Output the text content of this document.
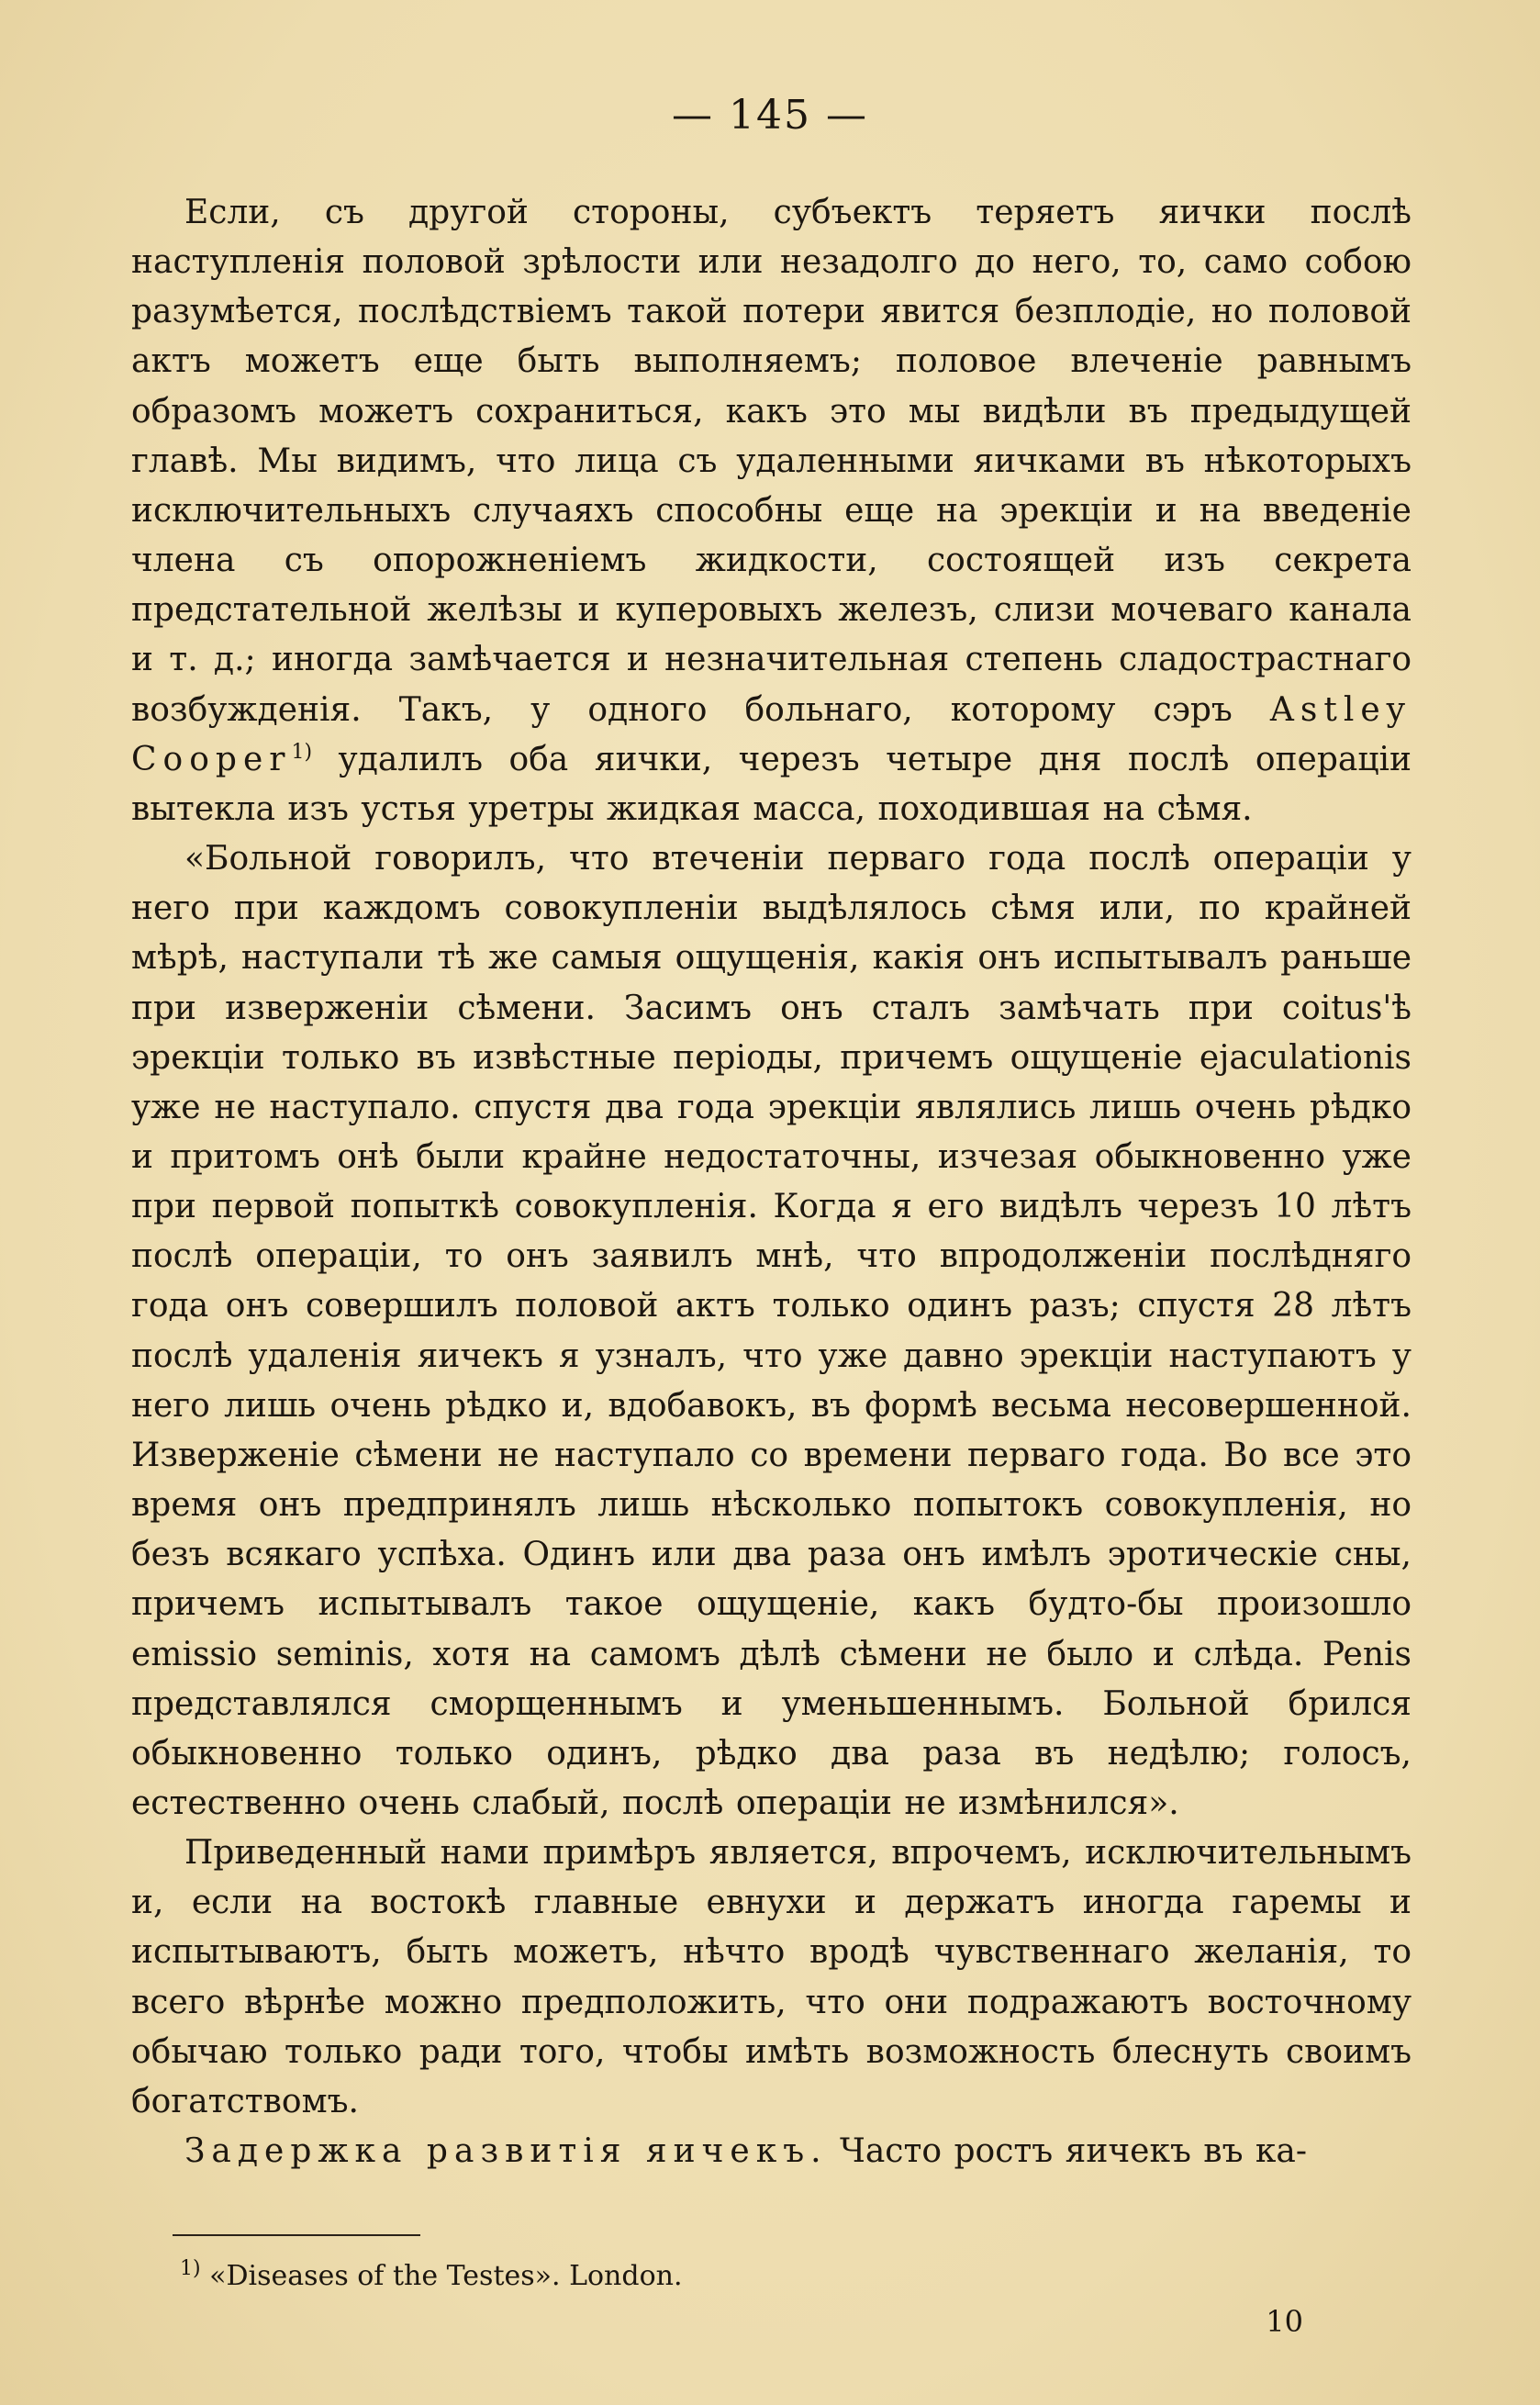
— 145 —

Если, съ другой стороны, субъектъ теряетъ яички послѣ наступленія половой зрѣлости или незадолго до него, то, само собою разумѣется, послѣдствіемъ такой потери явится безплодіе, но половой актъ можетъ еще быть выполняемъ; половое влеченіе равнымъ образомъ можетъ сохраниться, какъ это мы видѣли въ предыдущей главѣ. Мы видимъ, что лица съ удаленными яичками въ нѣкоторыхъ исключительныхъ случаяхъ способны еще на эрекціи и на введеніе члена съ опорожненіемъ жидкости, состоящей изъ секрета предстательной желѣзы и куперовыхъ железъ, слизи мочеваго канала и т. д.; иногда замѣчается и незначительная степень сладострастнаго возбужденія. Такъ, у одного больнаго, которому сэръ Astley Cooper$^{1)}$ удалилъ оба яички, черезъ четыре дня послѣ операціи вытекла изъ устья уретры жидкая масса, походившая на сѣмя.

«Больной говорилъ, что втеченіи перваго года послѣ операціи у него при каждомъ совокупленіи выдѣлялось сѣмя или, по крайней мѣрѣ, наступали тѣ же самыя ощущенія, какія онъ испытывалъ раньше при изверженіи сѣмени. Засимъ онъ сталъ замѣчать при coitus'ѣ эрекціи только въ извѣстные періоды, причемъ ощущеніе ejaculationis уже не наступало. спустя два года эрекціи являлись лишь очень рѣдко и притомъ онѣ были крайне недостаточны, изчезая обыкновенно уже при первой попыткѣ совокупленія. Когда я его видѣлъ черезъ 10 лѣтъ послѣ операціи, то онъ заявилъ мнѣ, что впродолженіи послѣдняго года онъ совершилъ половой актъ только одинъ разъ; спустя 28 лѣтъ послѣ удаленія яичекъ я узналъ, что уже давно эрекціи наступаютъ у него лишь очень рѣдко и, вдобавокъ, въ формѣ весьма несовершенной. Изверженіе сѣмени не наступало со времени перваго года. Во все это время онъ предпринялъ лишь нѣсколько попытокъ совокупленія, но безъ всякаго успѣха. Одинъ или два раза онъ имѣлъ эротическіе сны, причемъ испытывалъ такое ощущеніе, какъ будто-бы произошло emissio seminis, хотя на самомъ дѣлѣ сѣмени не было и слѣда. Penis представлялся сморщеннымъ и уменьшеннымъ. Больной брился обыкновенно только одинъ, рѣдко два раза въ недѣлю; голосъ, естественно очень слабый, послѣ операціи не измѣнился».

Приведенный нами примѣръ является, впрочемъ, исключительнымъ и, если на востокѣ главные евнухи и держатъ иногда гаремы и испытываютъ, быть можетъ, нѣчто вродѣ чувственнаго желанія, то всего вѣрнѣе можно предположить, что они подражаютъ восточному обычаю только ради того, чтобы имѣть возможность блеснуть своимъ богатствомъ.

Задержка развитія яичекъ. Часто ростъ яичекъ въ ка-

$^{1)}$ «Diseases of the Testes». London.
10
